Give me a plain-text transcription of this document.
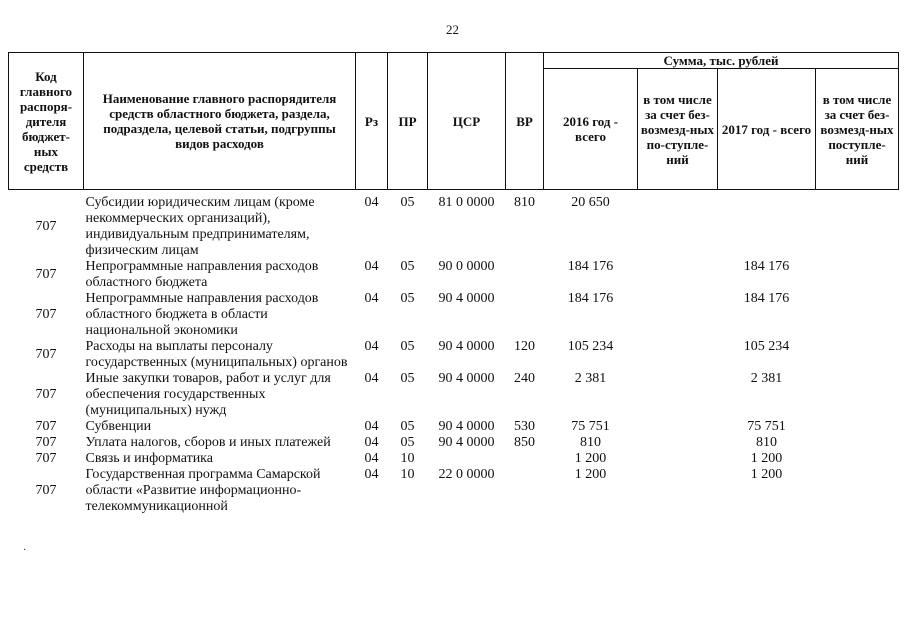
22
Код главного распоря-дителя бюджет-ных средств	Наименование главного распорядителя средств областного бюджета, раздела, подраздела, целевой статьи, подгруппы видов расходов	Рз	ПР	ЦСР	ВР	Сумма, тыс. рублей			
						2016 год - всего	в том числе за счет без-возмезд-ных по-ступле-ний	2017 год - всего	в том числе за счет без-возмезд-ных поступле-ний

707	Субсидии юридическим лицам (кроме некоммерческих организаций), индивидуальным предпринимателям, физическим лицам	04	05	81 0 0000	810	20 650			
707	Непрограммные направления расходов областного бюджета	04	05	90 0 0000		184 176		184 176	
707	Непрограммные направления расходов областного бюджета в области национальной экономики	04	05	90 4 0000		184 176		184 176	
707	Расходы на выплаты персоналу государственных (муниципальных) органов	04	05	90 4 0000	120	105 234		105 234	
707	Иные закупки товаров, работ и услуг для обеспечения государственных (муниципальных) нужд	04	05	90 4 0000	240	2 381		2 381	
707	Субвенции	04	05	90 4 0000	530	75 751		75 751	
707	Уплата налогов, сборов и иных платежей	04	05	90 4 0000	850	810		810	
707	Связь и информатика	04	10			1 200		1 200	
707	Государственная программа Самарской области «Развитие информационно-телекоммуникационной	04	10	22 0 0000		1 200		1 200	
·
